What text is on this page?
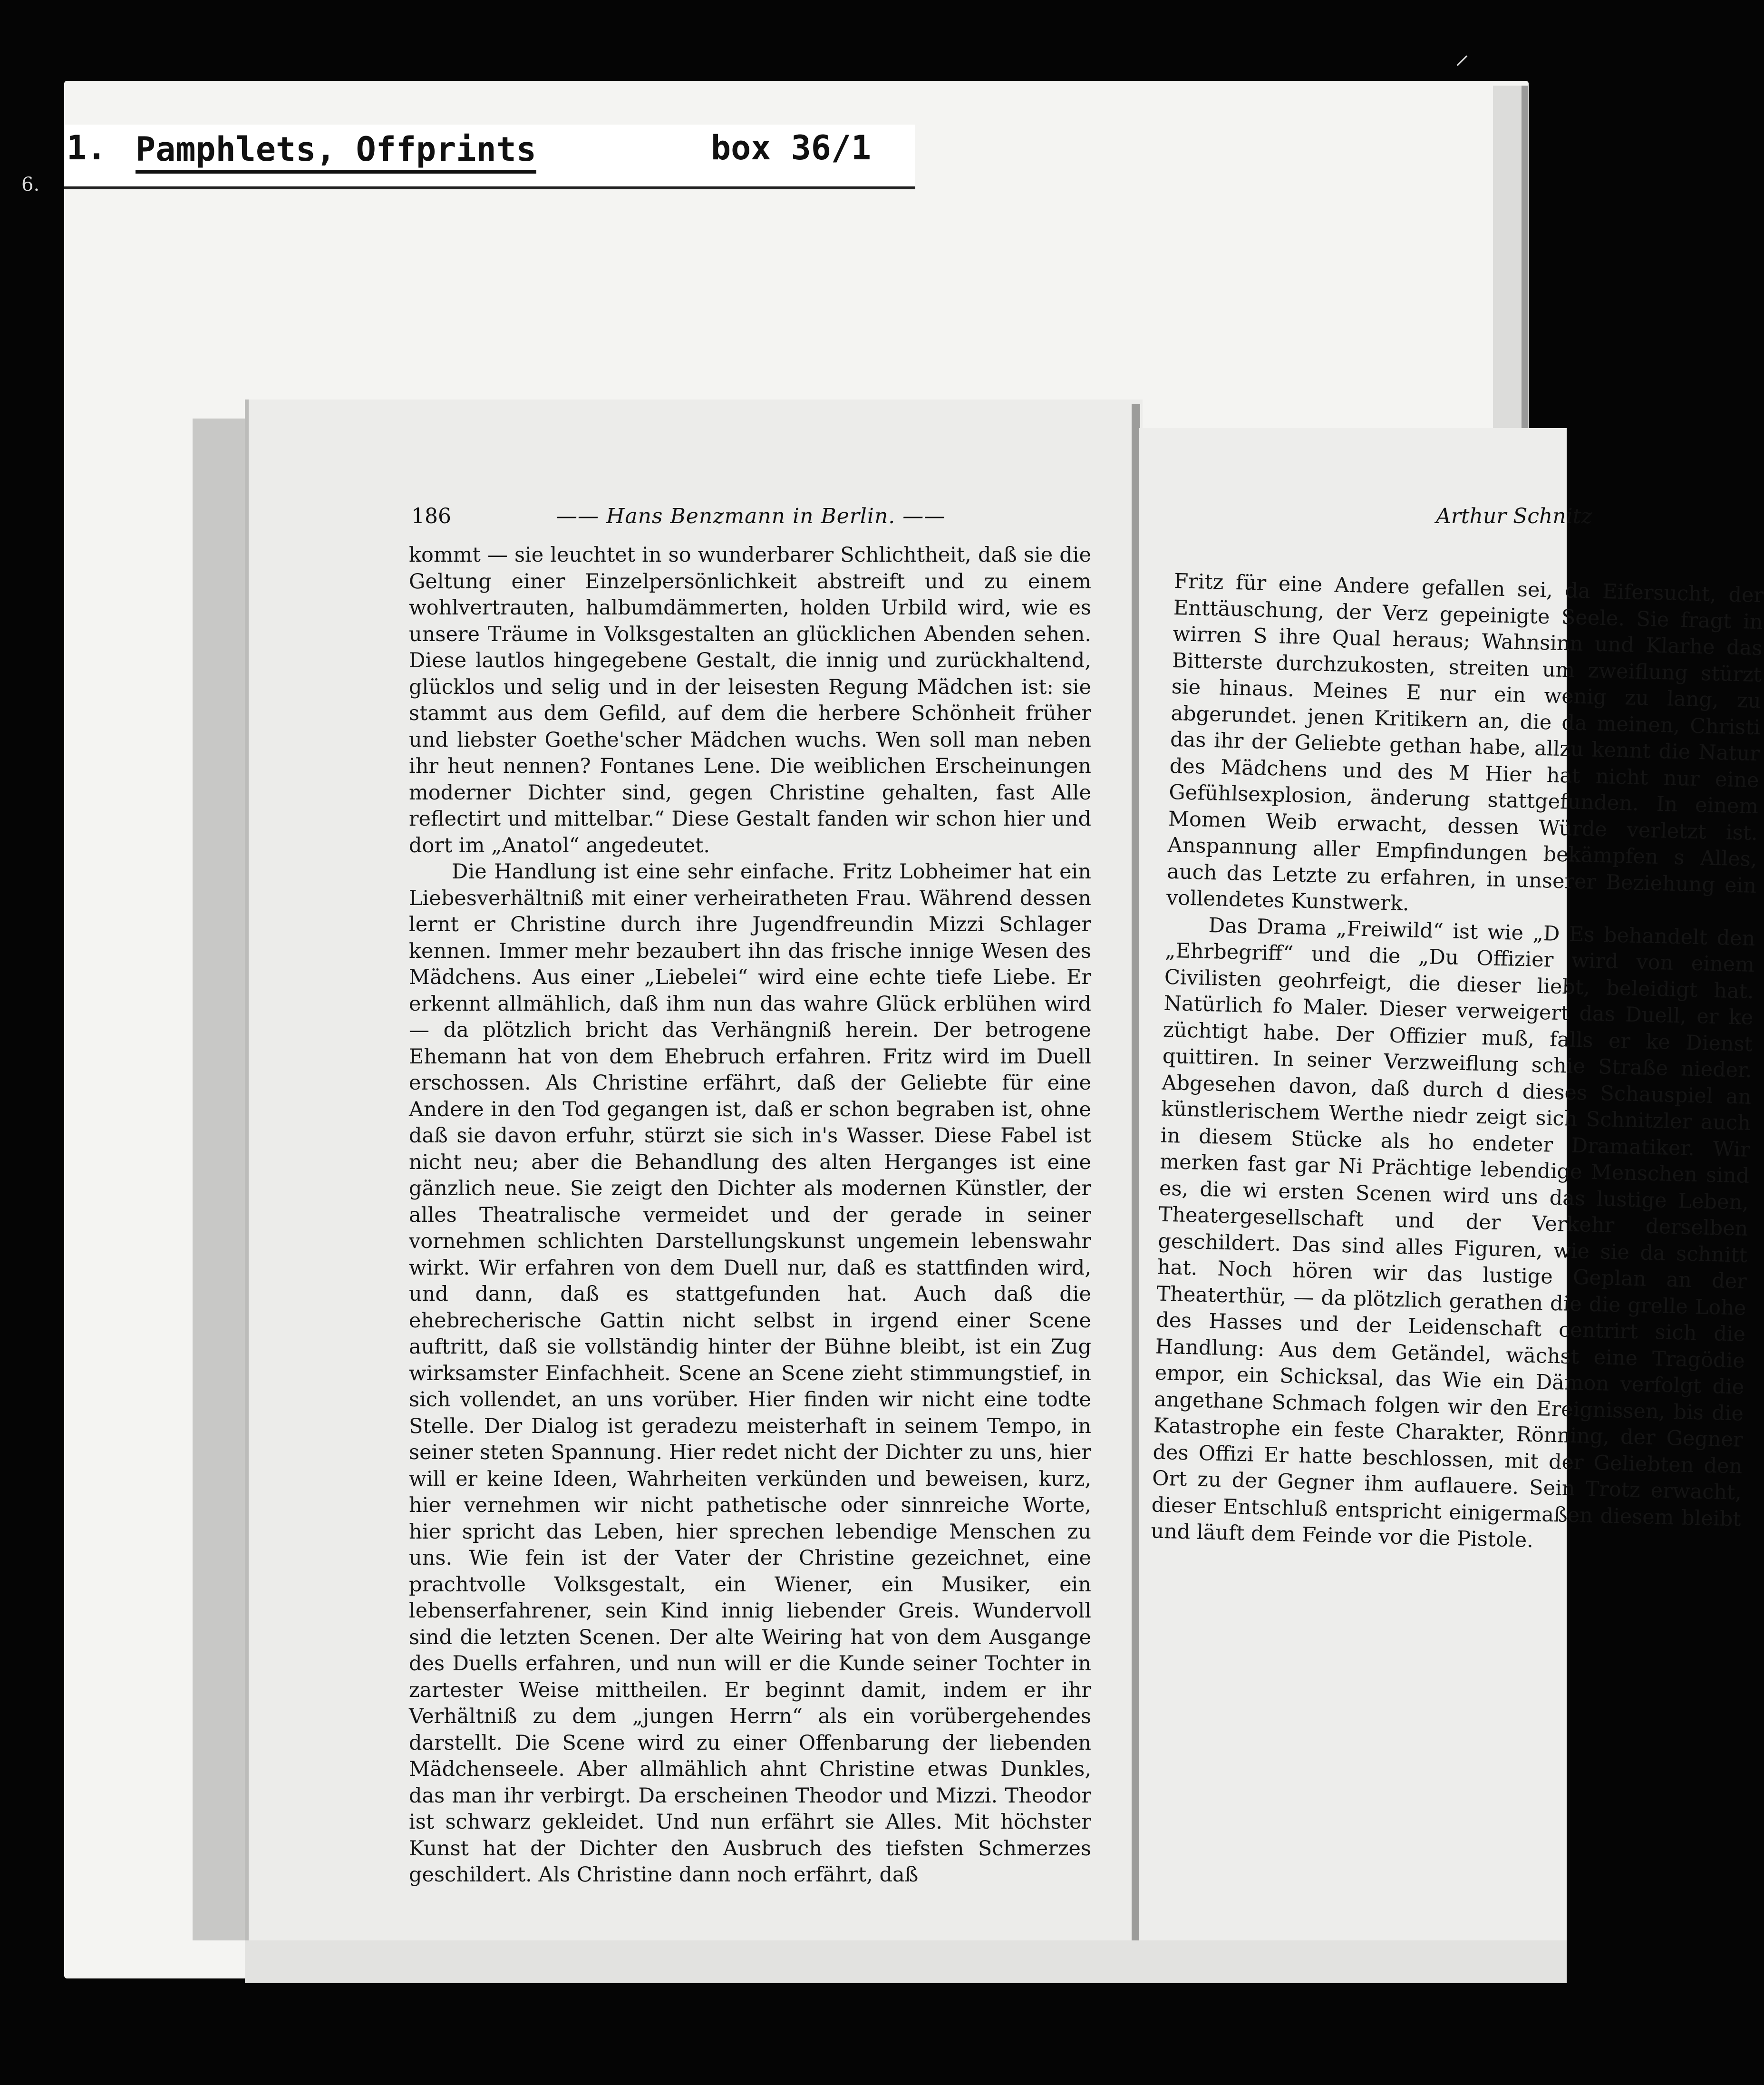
⸝
6.
1. Pamphlets, Offprints	box 36/1
186	—— Hans Benzmann in Berlin. ——

kommt — sie leuchtet in so wunderbarer Schlichtheit, daß sie die Geltung einer Einzelpersönlichkeit abstreift und zu einem wohlvertrauten, halbumdämmerten, holden Urbild wird, wie es unsere Träume in Volksgestalten an glücklichen Abenden sehen. Diese lautlos hingegebene Gestalt, die innig und zurückhaltend, glücklos und selig und in der leisesten Regung Mädchen ist: sie stammt aus dem Gefild, auf dem die herbere Schönheit früher und liebster Goethe'scher Mädchen wuchs. Wen soll man neben ihr heut nennen? Fontanes Lene. Die weiblichen Erscheinungen moderner Dichter sind, gegen Christine gehalten, fast Alle reflectirt und mittelbar.“ Diese Gestalt fanden wir schon hier und dort im „Anatol“ angedeutet.

Die Handlung ist eine sehr einfache. Fritz Lobheimer hat ein Liebesverhältniß mit einer verheiratheten Frau. Während dessen lernt er Christine durch ihre Jugendfreundin Mizzi Schlager kennen. Immer mehr bezaubert ihn das frische innige Wesen des Mädchens. Aus einer „Liebelei“ wird eine echte tiefe Liebe. Er erkennt allmählich, daß ihm nun das wahre Glück erblühen wird — da plötzlich bricht das Verhängniß herein. Der betrogene Ehemann hat von dem Ehebruch erfahren. Fritz wird im Duell erschossen. Als Christine erfährt, daß der Geliebte für eine Andere in den Tod gegangen ist, daß er schon begraben ist, ohne daß sie davon erfuhr, stürzt sie sich in's Wasser. Diese Fabel ist nicht neu; aber die Behandlung des alten Herganges ist eine gänzlich neue. Sie zeigt den Dichter als modernen Künstler, der alles Theatralische vermeidet und der gerade in seiner vornehmen schlichten Darstellungskunst ungemein lebenswahr wirkt. Wir erfahren von dem Duell nur, daß es stattfinden wird, und dann, daß es stattgefunden hat. Auch daß die ehebrecherische Gattin nicht selbst in irgend einer Scene auftritt, daß sie vollständig hinter der Bühne bleibt, ist ein Zug wirksamster Einfachheit. Scene an Scene zieht stimmungstief, in sich vollendet, an uns vorüber. Hier finden wir nicht eine todte Stelle. Der Dialog ist geradezu meisterhaft in seinem Tempo, in seiner steten Spannung. Hier redet nicht der Dichter zu uns, hier will er keine Ideen, Wahrheiten verkünden und beweisen, kurz, hier vernehmen wir nicht pathetische oder sinnreiche Worte, hier spricht das Leben, hier sprechen lebendige Menschen zu uns. Wie fein ist der Vater der Christine gezeichnet, eine prachtvolle Volksgestalt, ein Wiener, ein Musiker, ein lebenserfahrener, sein Kind innig liebender Greis. Wundervoll sind die letzten Scenen. Der alte Weiring hat von dem Ausgange des Duells erfahren, und nun will er die Kunde seiner Tochter in zartester Weise mittheilen. Er beginnt damit, indem er ihr Verhältniß zu dem „jungen Herrn“ als ein vorübergehendes darstellt. Die Scene wird zu einer Offenbarung der liebenden Mädchenseele. Aber allmählich ahnt Christine etwas Dunkles, das man ihr verbirgt. Da erscheinen Theodor und Mizzi. Theodor ist schwarz gekleidet. Und nun erfährt sie Alles. Mit höchster Kunst hat der Dichter den Ausbruch des tiefsten Schmerzes geschildert. Als Christine dann noch erfährt, daß

Arthur Schnitz

Fritz für eine Andere gefallen sei, da Eifersucht, der Enttäuschung, der Verz gepeinigte Seele. Sie fragt in wirren S ihre Qual heraus; Wahnsinn und Klarhe das Bitterste durchzukosten, streiten um zweiflung stürzt sie hinaus. Meines E nur ein wenig zu lang, zu abgerundet. jenen Kritikern an, die da meinen, Christi das ihr der Geliebte gethan habe, allzu kennt die Natur des Mädchens und des M Hier hat nicht nur eine Gefühlsexplosion, änderung stattgefunden. In einem Momen Weib erwacht, dessen Würde verletzt ist. Anspannung aller Empfindungen bekämpfen s Alles, auch das Letzte zu erfahren, in unserer Beziehung ein vollendetes Kunstwerk.

Das Drama „Freiwild“ ist wie „D Es behandelt den „Ehrbegriff“ und die „Du Offizier wird von einem Civilisten geohrfeigt, die dieser liebt, beleidigt hat. Natürlich fo Maler. Dieser verweigert das Duell, er ke züchtigt habe. Der Offizier muß, falls er ke Dienst quittiren. In seiner Verzweiflung schie Straße nieder. Abgesehen davon, daß durch d dieses Schauspiel an künstlerischem Werthe niedr zeigt sich Schnitzler auch in diesem Stücke als ho endeter Dramatiker. Wir merken fast gar Ni Prächtige lebendige Menschen sind es, die wi ersten Scenen wird uns das lustige Leben, Theatergesellschaft und der Verkehr derselben geschildert. Das sind alles Figuren, wie sie da schnitt hat. Noch hören wir das lustige Geplan an der Theaterthür, — da plötzlich gerathen die die grelle Lohe des Hasses und der Leidenschaft centrirt sich die Handlung: Aus dem Getändel, wächst eine Tragödie empor, ein Schicksal, das Wie ein Dämon verfolgt die angethane Schmach folgen wir den Ereignissen, bis die Katastrophe ein feste Charakter, Rönning, der Gegner des Offizi Er hatte beschlossen, mit der Geliebten den Ort zu der Gegner ihm auflauere. Sein Trotz erwacht, dieser Entschluß entspricht einigermaßen diesem bleibt und läuft dem Feinde vor die Pistole.
